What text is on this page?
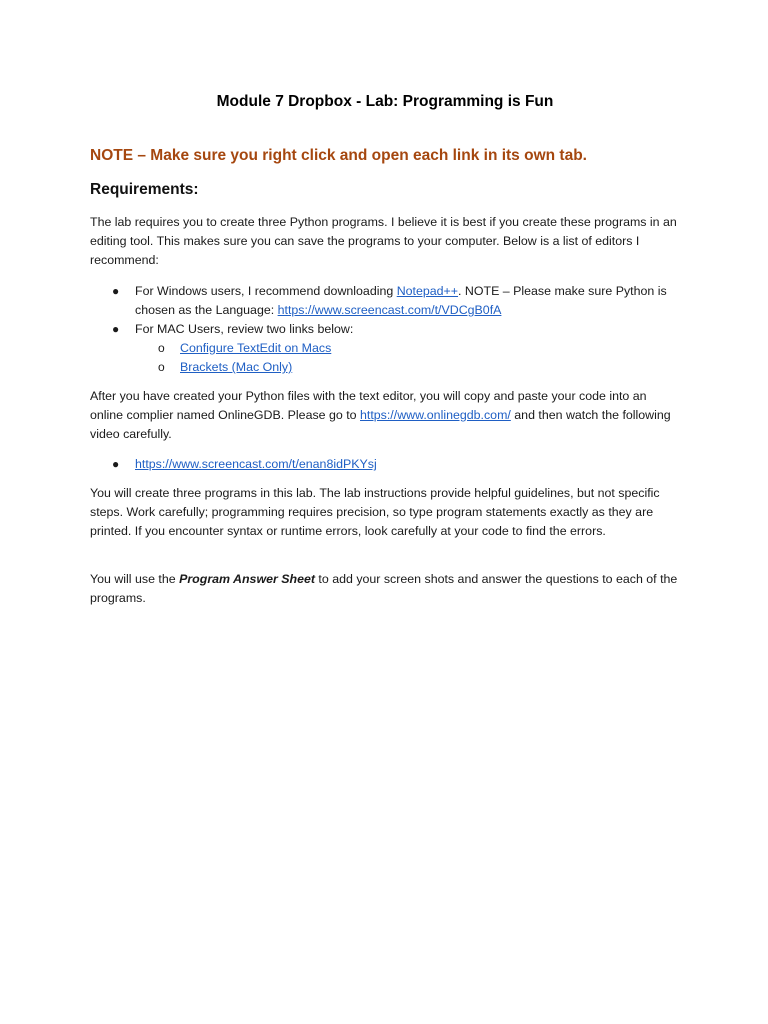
Module 7 Dropbox - Lab: Programming is Fun
NOTE – Make sure you right click and open each link in its own tab.
Requirements:

The lab requires you to create three Python programs. I believe it is best if you create these programs in an editing tool. This makes sure you can save the programs to your computer. Below is a list of editors I recommend:

● For Windows users, I recommend downloading Notepad++. NOTE – Please make sure Python is chosen as the Language: https://www.screencast.com/t/VDCgB0fA
● For MAC Users, review two links below:
o Configure TextEdit on Macs
o Brackets (Mac Only)

After you have created your Python files with the text editor, you will copy and paste your code into an online complier named OnlineGDB. Please go to https://www.onlinegdb.com/ and then watch the following video carefully.

● https://www.screencast.com/t/enan8idPKYsj

You will create three programs in this lab. The lab instructions provide helpful guidelines, but not specific steps. Work carefully; programming requires precision, so type program statements exactly as they are printed. If you encounter syntax or runtime errors, look carefully at your code to find the errors.

You will use the Program Answer Sheet to add your screen shots and answer the questions to each of the programs.
